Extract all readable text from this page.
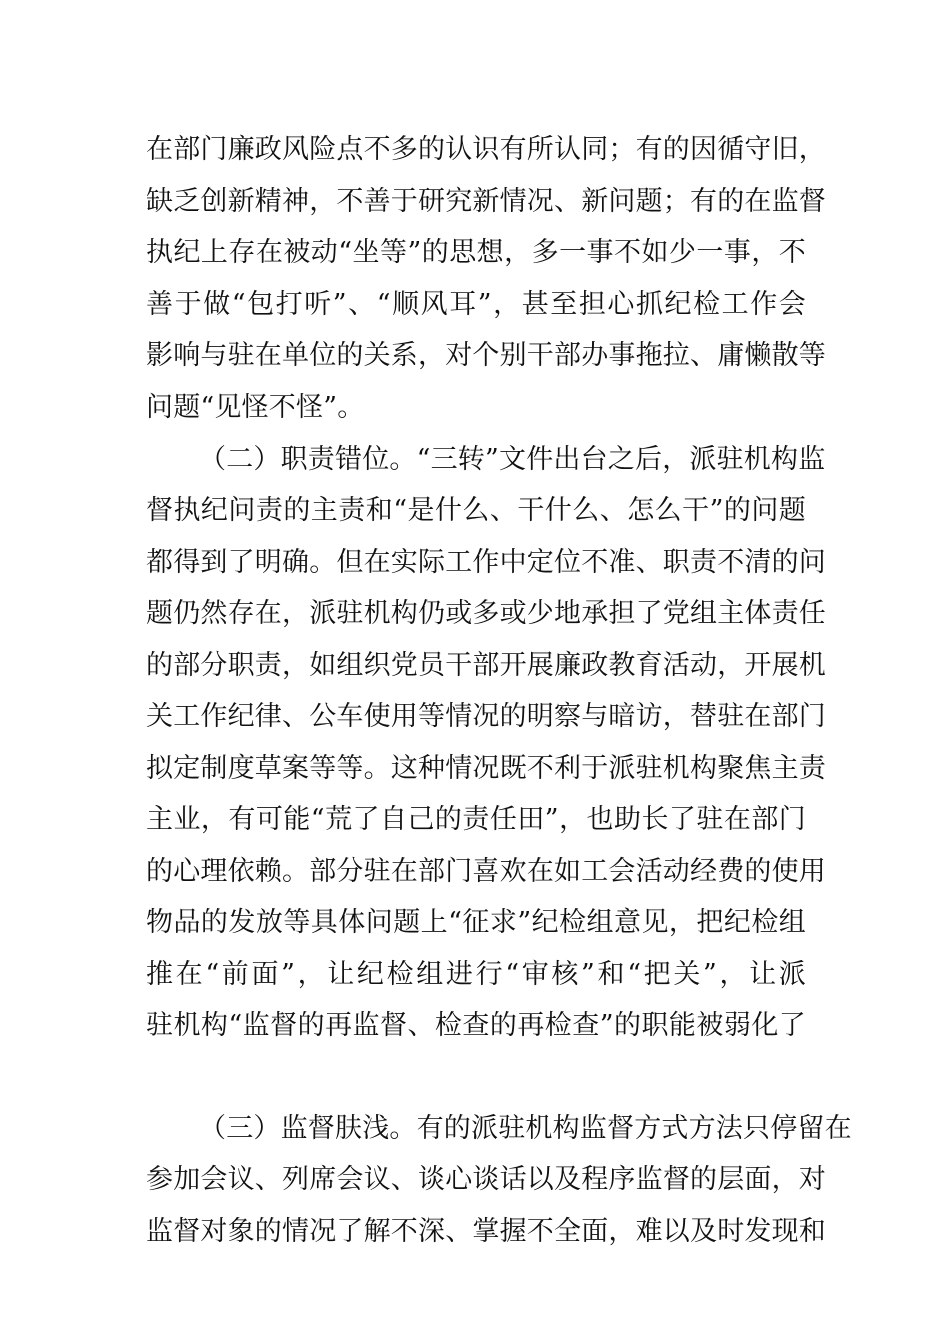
在部门廉政风险点不多的认识有所认同；有的因循守旧，
缺乏创新精神，不善于研究新情况、新问题；有的在监督
执纪上存在被动“坐等”的思想，多一事不如少一事，不
善于做“包打听”、“顺风耳”，甚至担心抓纪检工作会
影响与驻在单位的关系，对个别干部办事拖拉、庸懒散等
问题“见怪不怪”。
（二）职责错位。“三转”文件出台之后，派驻机构监
督执纪问责的主责和“是什么、干什么、怎么干”的问题
都得到了明确。但在实际工作中定位不准、职责不清的问
题仍然存在，派驻机构仍或多或少地承担了党组主体责任
的部分职责，如组织党员干部开展廉政教育活动，开展机
关工作纪律、公车使用等情况的明察与暗访，替驻在部门
拟定制度草案等等。这种情况既不利于派驻机构聚焦主责
主业，有可能“荒了自己的责任田”，也助长了驻在部门
的心理依赖。部分驻在部门喜欢在如工会活动经费的使用
物品的发放等具体问题上“征求”纪检组意见，把纪检组
推在“前面”，让纪检组进行“审核”和“把关”，让派
驻机构“监督的再监督、检查的再检查”的职能被弱化了
（三）监督肤浅。有的派驻机构监督方式方法只停留在
参加会议、列席会议、谈心谈话以及程序监督的层面，对
监督对象的情况了解不深、掌握不全面，难以及时发现和
